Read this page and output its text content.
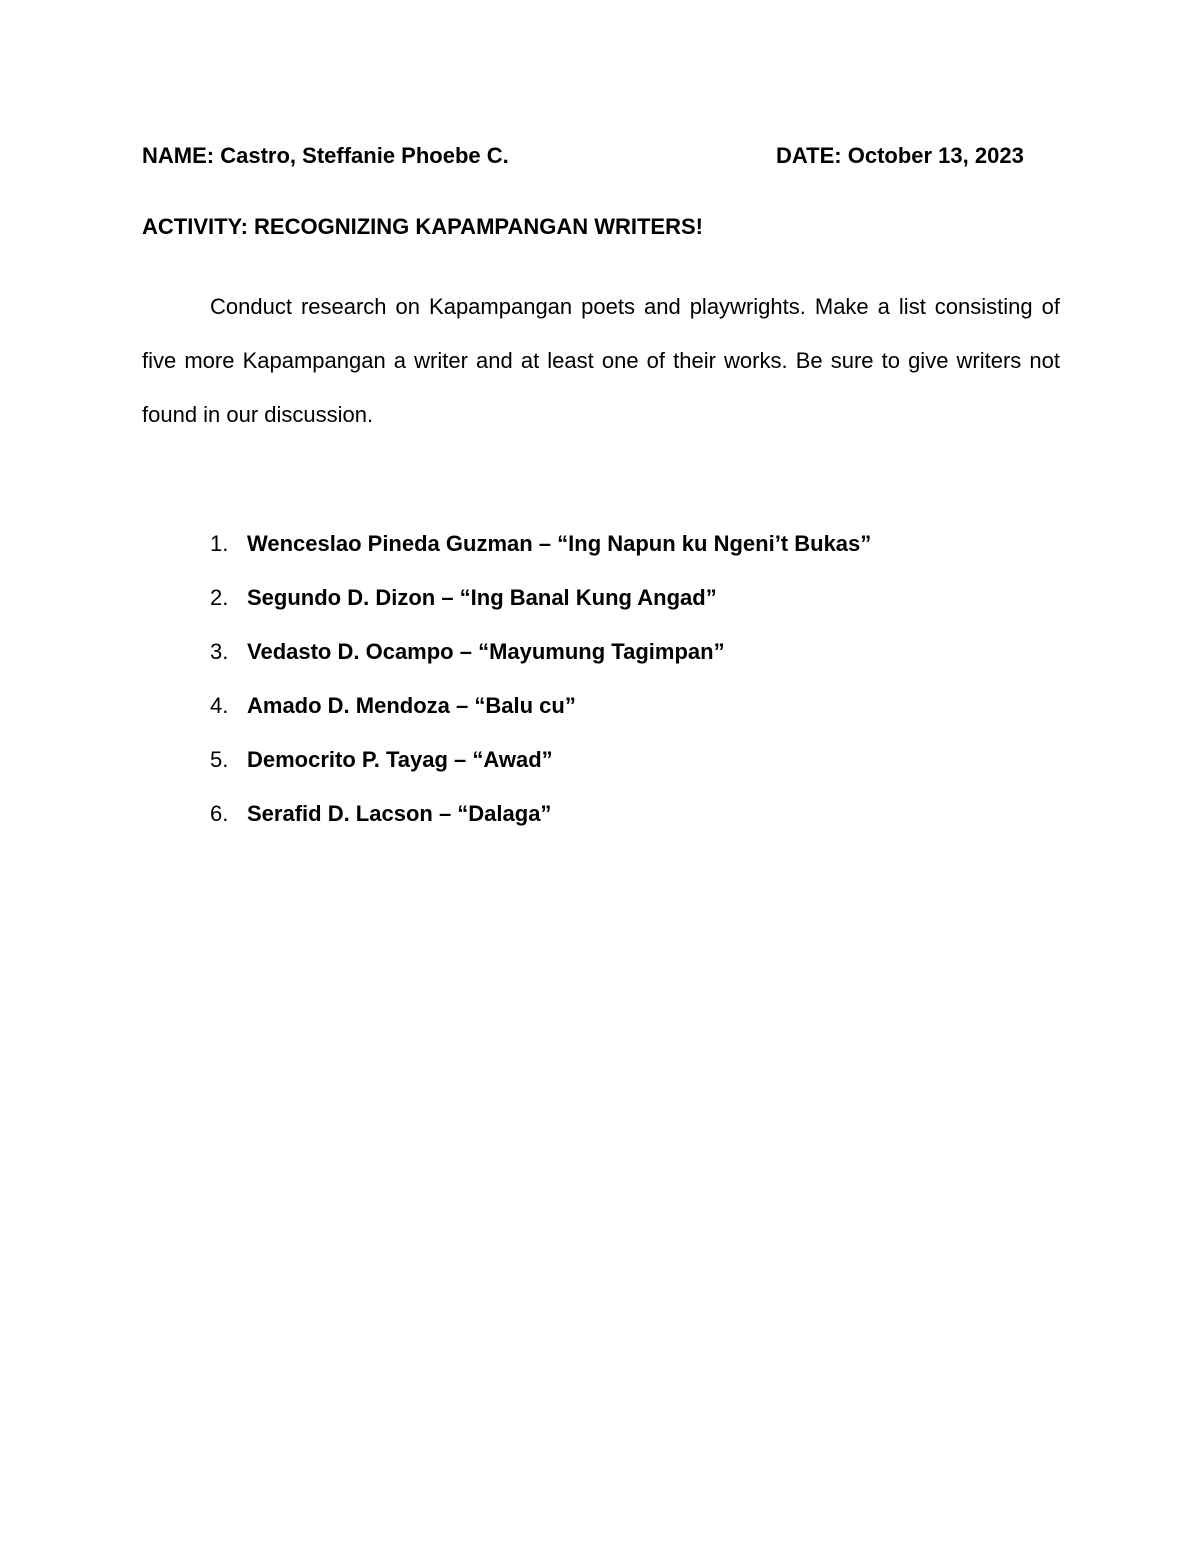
NAME: Castro, Steffanie Phoebe C.	DATE: October 13, 2023
ACTIVITY: RECOGNIZING KAPAMPANGAN WRITERS!

Conduct research on Kapampangan poets and playwrights. Make a list consisting of five more Kapampangan a writer and at least one of their works. Be sure to give writers not found in our discussion.

1. Wenceslao Pineda Guzman – “Ing Napun ku Ngeni’t Bukas”
2. Segundo D. Dizon – “Ing Banal Kung Angad”
3. Vedasto D. Ocampo – “Mayumung Tagimpan”
4. Amado D. Mendoza – “Balu cu”
5. Democrito P. Tayag – “Awad”
6. Serafid D. Lacson – “Dalaga”
